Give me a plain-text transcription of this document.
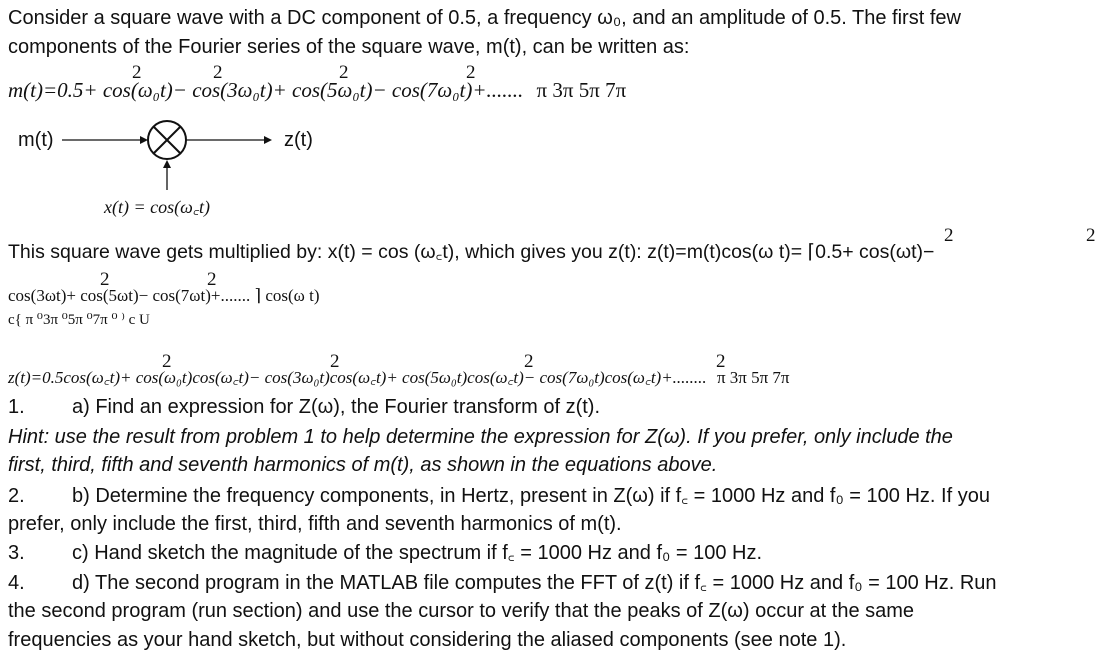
Consider a square wave with a DC component of 0.5, a frequency ω₀, and an amplitude of 0.5. The first few
components of the Fourier series of the square wave, m(t), can be written as:
m(t)=0.5+ cos(ω₀t)− cos(3ω₀t)+ cos(5ω₀t)− cos(7ω₀t)+....... π 3π 5π 7π
2	2	2	2
m(t)	z(t)
x(t) = cos(ω꜀t)
This square wave gets multiplied by: x(t) = cos (ω꜀t), which gives you z(t): z(t)=m(t)cos(ω t)= ⌈0.5+ cos(ωt)−
2	2
cos(3ωt)+ cos(5ωt)− cos(7ωt)+....... ⌉ cos(ω t)
2	2
c{ π ⁰3π ⁰5π ⁰7π ⁰ ⁾ c U
z(t)=0.5cos(ω꜀t)+ cos(ω₀t)cos(ω꜀t)− cos(3ω₀t)cos(ω꜀t)+ cos(5ω₀t)cos(ω꜀t)− cos(7ω₀t)cos(ω꜀t)+........ π 3π 5π 7π
2	2	2	2
1. a) Find an expression for Z(ω), the Fourier transform of z(t).
Hint: use the result from problem 1 to help determine the expression for Z(ω). If you prefer, only include the
first, third, fifth and seventh harmonics of m(t), as shown in the equations above.
2. b) Determine the frequency components, in Hertz, present in Z(ω) if f꜀ = 1000 Hz and f₀ = 100 Hz. If you
prefer, only include the first, third, fifth and seventh harmonics of m(t).
3. c) Hand sketch the magnitude of the spectrum if f꜀ = 1000 Hz and f₀ = 100 Hz.
4. d) The second program in the MATLAB file computes the FFT of z(t) if f꜀ = 1000 Hz and f₀ = 100 Hz. Run
the second program (run section) and use the cursor to verify that the peaks of Z(ω) occur at the same
frequencies as your hand sketch, but without considering the aliased components (see note 1).
